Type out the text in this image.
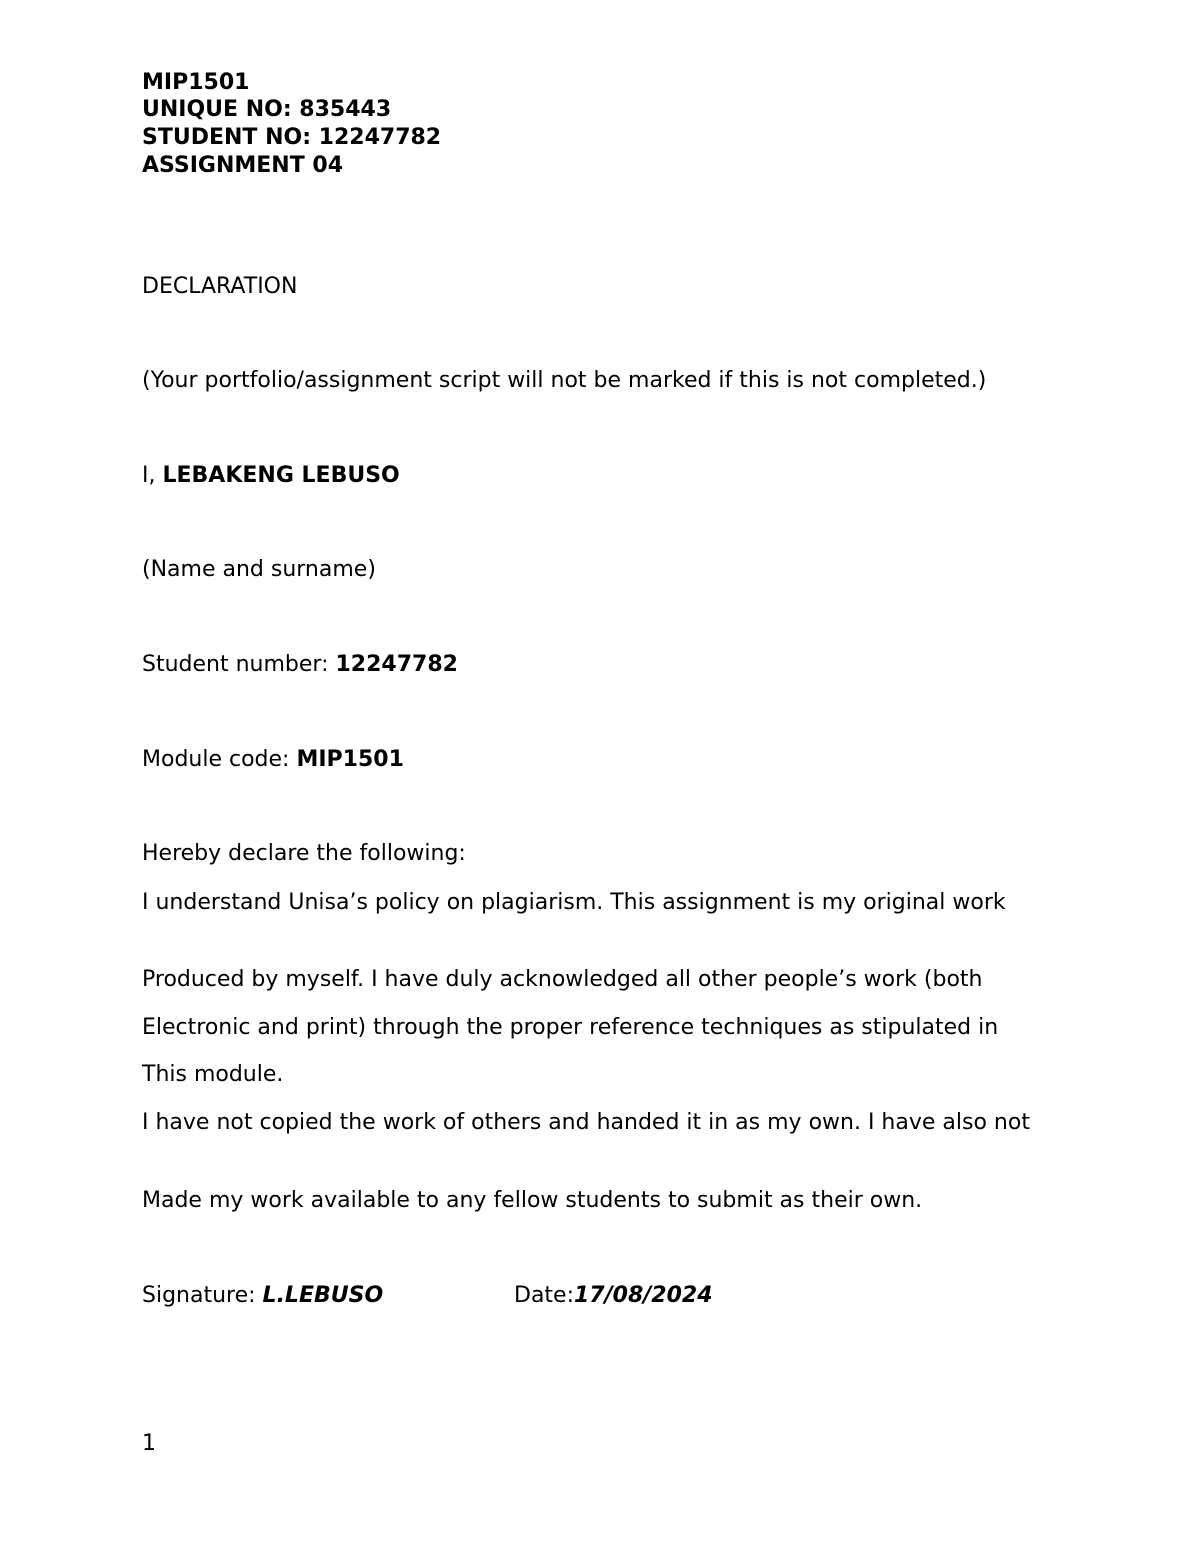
MIP1501
UNIQUE NO: 835443
STUDENT NO: 12247782
ASSIGNMENT 04
DECLARATION
(Your portfolio/assignment script will not be marked if this is not completed.)
I, LEBAKENG LEBUSO
(Name and surname)
Student number: 12247782
Module code: MIP1501
Hereby declare the following:
I understand Unisa’s policy on plagiarism. This assignment is my original work
Produced by myself. I have duly acknowledged all other people’s work (both
Electronic and print) through the proper reference techniques as stipulated in
This module.
I have not copied the work of others and handed it in as my own. I have also not
Made my work available to any fellow students to submit as their own.
Signature: L.LEBUSO	Date:17/08/2024
1
